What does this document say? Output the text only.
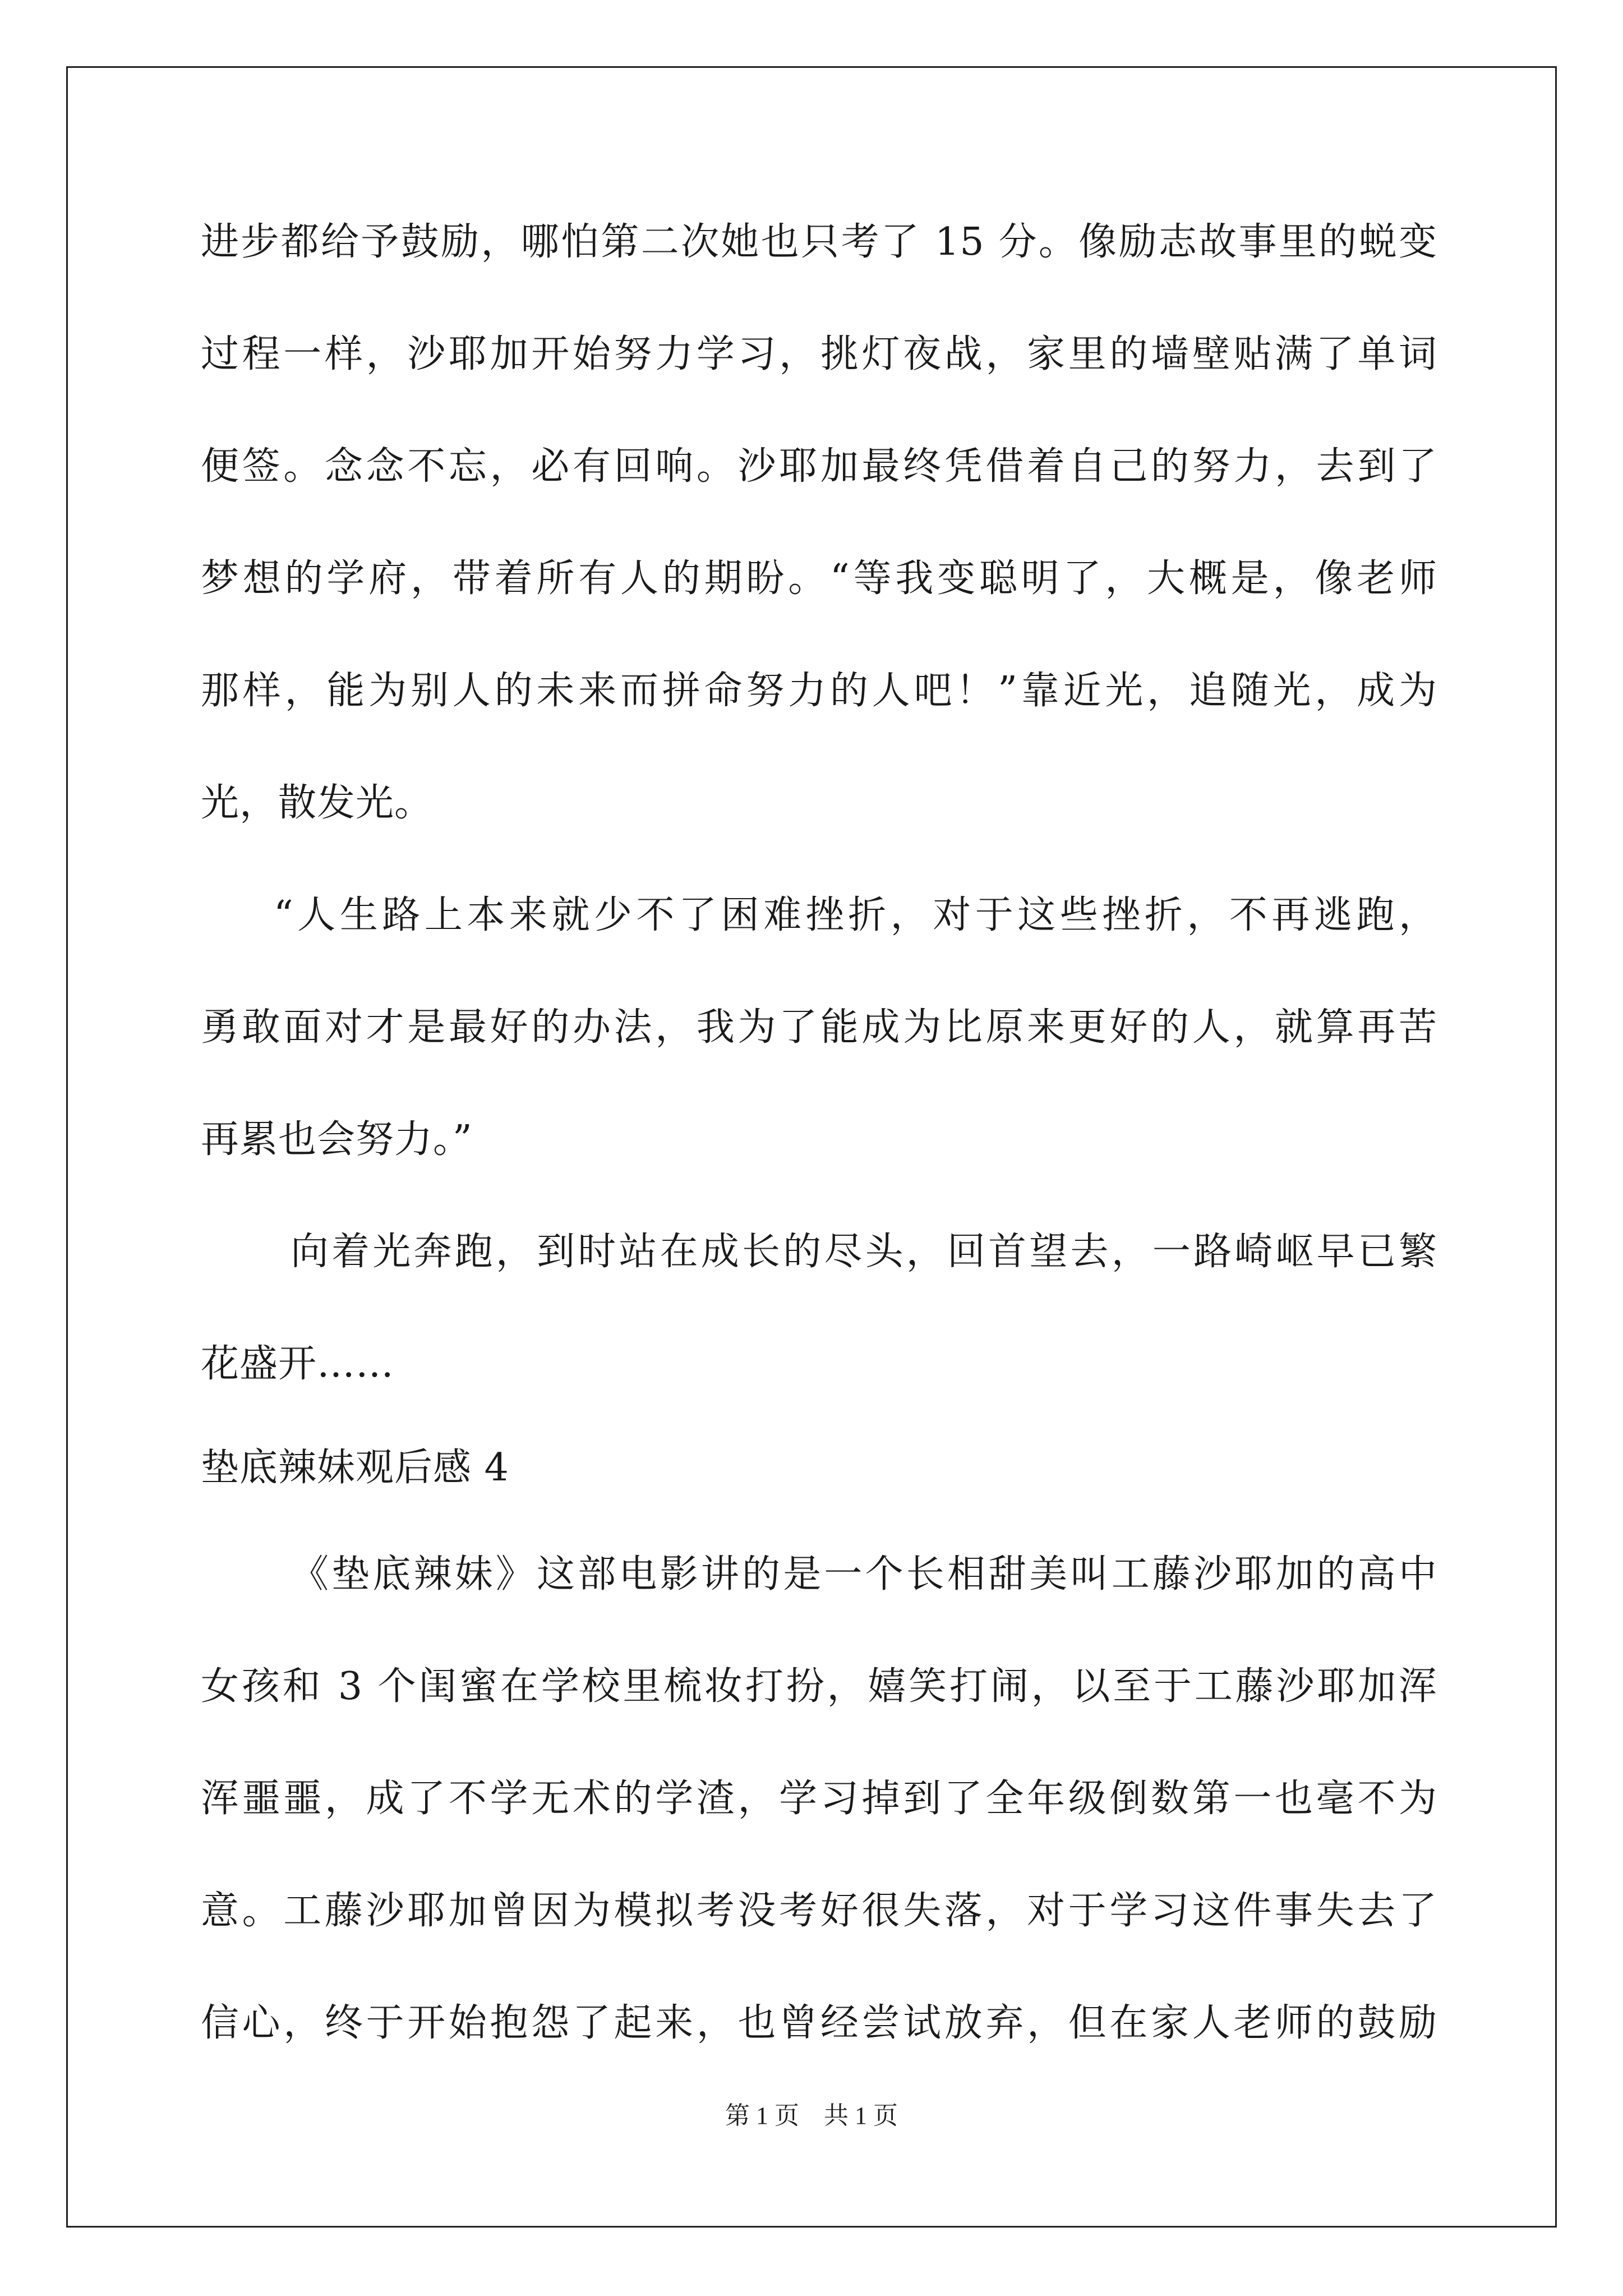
进步都给予鼓励，哪怕第二次她也只考了 15 分。像励志故事里的蜕变
过程一样，沙耶加开始努力学习，挑灯夜战，家里的墙壁贴满了单词
便签。念念不忘，必有回响。沙耶加最终凭借着自己的努力，去到了
梦想的学府，带着所有人的期盼。“等我变聪明了，大概是，像老师
那样，能为别人的未来而拼命努力的人吧！”靠近光，追随光，成为
光，散发光。
“人生路上本来就少不了困难挫折，对于这些挫折，不再逃跑，
勇敢面对才是最好的办法，我为了能成为比原来更好的人，就算再苦
再累也会努力。”
向着光奔跑，到时站在成长的尽头，回首望去，一路崎岖早已繁
花盛开……
垫底辣妹观后感 4
《垫底辣妹》这部电影讲的是一个长相甜美叫工藤沙耶加的高中
女孩和 3 个闺蜜在学校里梳妆打扮，嬉笑打闹，以至于工藤沙耶加浑
浑噩噩，成了不学无术的学渣，学习掉到了全年级倒数第一也毫不为
意。工藤沙耶加曾因为模拟考没考好很失落，对于学习这件事失去了
信心，终于开始抱怨了起来，也曾经尝试放弃，但在家人老师的鼓励
第 1 页　共 1 页
